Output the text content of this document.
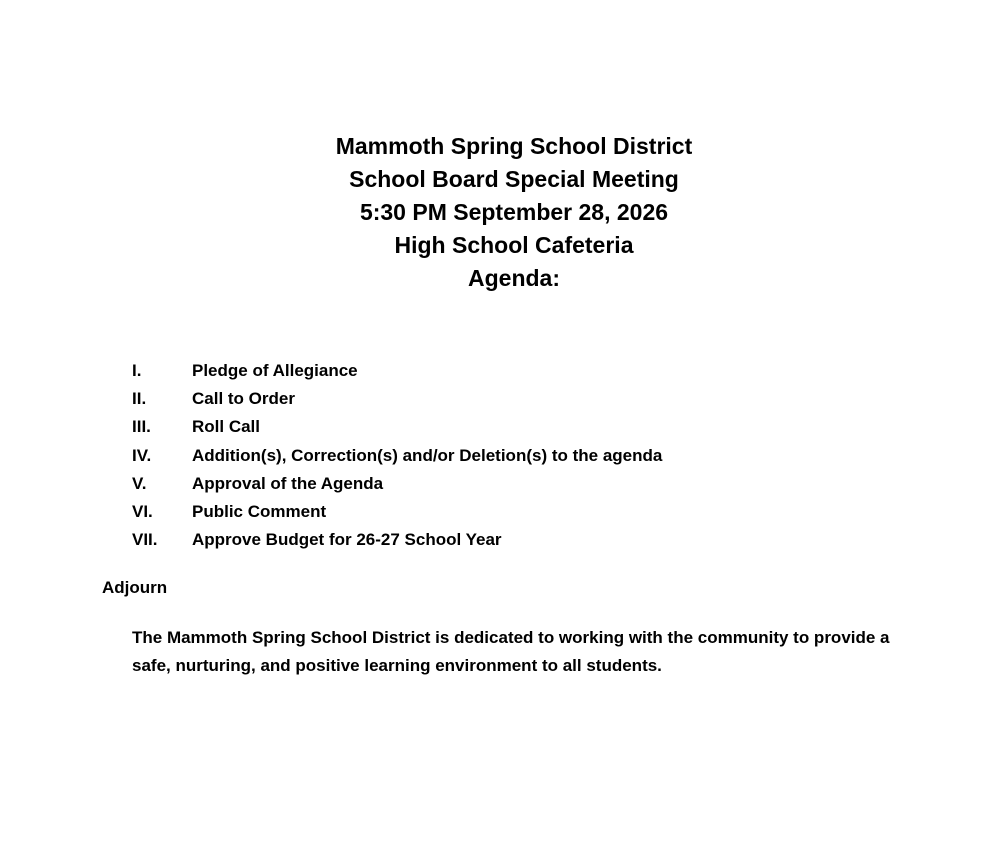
Mammoth Spring School District
School Board Special Meeting
5:30 PM September 28, 2026
High School Cafeteria
Agenda:
I.	Pledge of Allegiance
II.	Call to Order
III. Roll Call
IV. Addition(s), Correction(s) and/or Deletion(s) to the agenda
V.	Approval of the Agenda
VI. Public Comment
VII. Approve Budget for 26-27 School Year
Adjourn
The Mammoth Spring School District is dedicated to working with the community to provide a safe, nurturing, and positive learning environment to all students.
